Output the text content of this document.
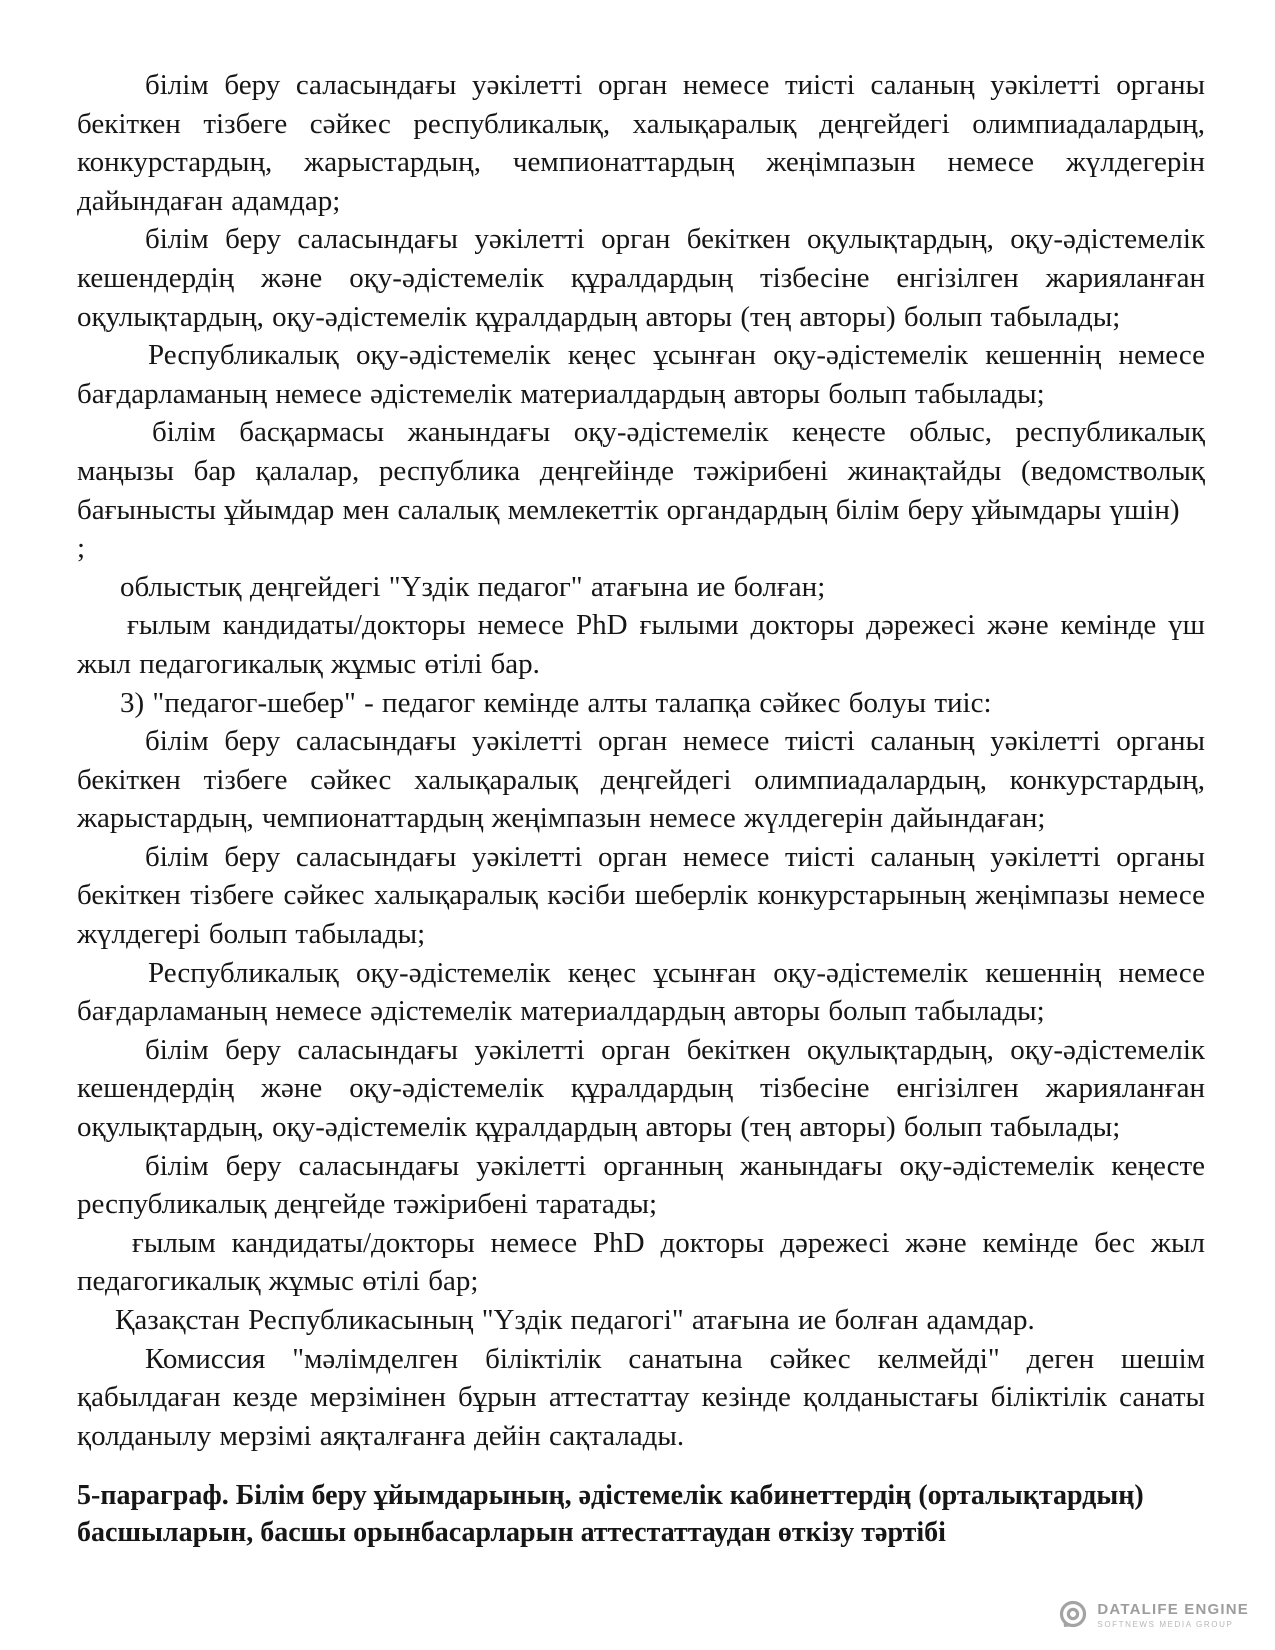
білім беру саласындағы уәкілетті орган немесе тиісті саланың уәкілетті органы бекіткен тізбеге сәйкес республикалық, халықаралық деңгейдегі олимпиадалардың, конкурстардың, жарыстардың, чемпионаттардың жеңімпазын немесе жүлдегерін дайындаған адамдар;

білім беру саласындағы уәкілетті орган бекіткен оқулықтардың, оқу-әдістемелік кешендердің және оқу-әдістемелік құралдардың тізбесіне енгізілген жарияланған оқулықтардың, оқу-әдістемелік құралдардың авторы (тең авторы) болып табылады;

Республикалық оқу-әдістемелік кеңес ұсынған оқу-әдістемелік кешеннің немесе бағдарламаның немесе әдістемелік материалдардың авторы болып табылады;

білім басқармасы жанындағы оқу-әдістемелік кеңесте облыс, республикалық маңызы бар қалалар, республика деңгейінде тәжірибені жинақтайды (ведомстволық бағынысты ұйымдар мен салалық мемлекеттік органдардың білім беру ұйымдары үшін)

;

облыстық деңгейдегі "Үздік педагог" атағына ие болған;

ғылым кандидаты/докторы немесе PhD ғылыми докторы дәрежесі және кемінде үш жыл педагогикалық жұмыс өтілі бар.

3) "педагог-шебер" - педагог кемінде алты талапқа сәйкес болуы тиіс:

білім беру саласындағы уәкілетті орган немесе тиісті саланың уәкілетті органы бекіткен тізбеге сәйкес халықаралық деңгейдегі олимпиадалардың, конкурстардың, жарыстардың, чемпионаттардың жеңімпазын немесе жүлдегерін дайындаған;

білім беру саласындағы уәкілетті орган немесе тиісті саланың уәкілетті органы бекіткен тізбеге сәйкес халықаралық кәсіби шеберлік конкурстарының жеңімпазы немесе жүлдегері болып табылады;

Республикалық оқу-әдістемелік кеңес ұсынған оқу-әдістемелік кешеннің немесе бағдарламаның немесе әдістемелік материалдардың авторы болып табылады;

білім беру саласындағы уәкілетті орган бекіткен оқулықтардың, оқу-әдістемелік кешендердің және оқу-әдістемелік құралдардың тізбесіне енгізілген жарияланған оқулықтардың, оқу-әдістемелік құралдардың авторы (тең авторы) болып табылады;

білім беру саласындағы уәкілетті органның жанындағы оқу-әдістемелік кеңесте республикалық деңгейде тәжірибені таратады;

ғылым кандидаты/докторы немесе PhD докторы дәрежесі және кемінде бес жыл педагогикалық жұмыс өтілі бар;

Қазақстан Республикасының "Үздік педагогі" атағына ие болған адамдар.

Комиссия "мәлімделген біліктілік санатына сәйкес келмейді" деген шешім қабылдаған кезде мерзімінен бұрын аттестаттау кезінде қолданыстағы біліктілік санаты қолданылу мерзімі аяқталғанға дейін сақталады.

5-параграф. Білім беру ұйымдарының, әдістемелік кабинеттердің (орталықтардың) басшыларын, басшы орынбасарларын аттестаттаудан өткізу тәртібі

DATALIFE ENGINE
SOFTNEWS MEDIA GROUP
